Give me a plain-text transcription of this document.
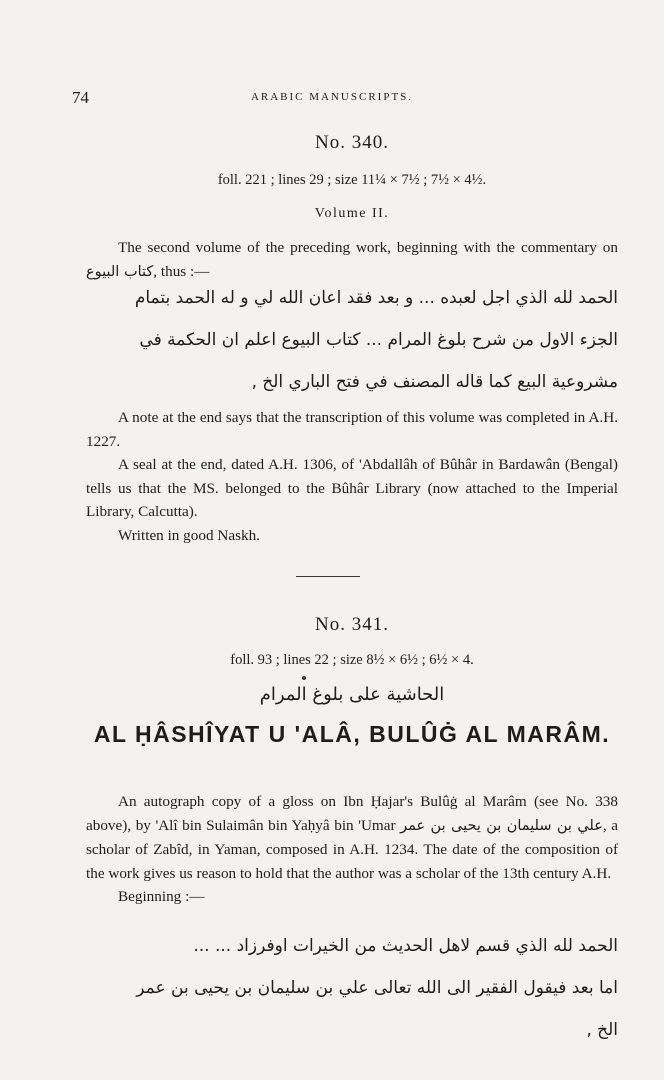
74	ARABIC MANUSCRIPTS.
No. 340.
foll. 221 ; lines 29 ; size 11¼ × 7½ ; 7½ × 4½.
Volume II.

The second volume of the preceding work, beginning with the commentary on كتاب البيوع, thus :—

الحمد لله الذي اجل لعبده ... و بعد فقد اعان الله لي و له الحمد بتمام
الجزء الاول من شرح بلوغ المرام ... كتاب البيوع اعلم ان الحكمة في
مشروعية البيع كما قاله المصنف في فتح الباري الخ ‚

A note at the end says that the transcription of this volume was completed in A.H. 1227.

A seal at the end, dated A.H. 1306, of 'Abdallâh of Bûhâr in Bardawân (Bengal) tells us that the MS. belonged to the Bûhâr Library (now attached to the Imperial Library, Calcutta).

Written in good Naskh.

No. 341.
foll. 93 ; lines 22 ; size 8½ × 6½ ; 6½ × 4.
الحاشية على بلوغ المرام
AL ḤÂSHÎYAT U 'ALÂ, BULÛĠ AL MARÂM.

An autograph copy of a gloss on Ibn Ḥajar's Bulûġ al Marâm (see No. 338 above), by 'Alî bin Sulaimân bin Yaḥyâ bin 'Umar علي بن سليمان بن يحيى بن عمر, a scholar of Zabîd, in Yaman, composed in A.H. 1234. The date of the composition of the work gives us reason to hold that the author was a scholar of the 13th century A.H.

Beginning :—

الحمد لله الذي قسم لاهل الحديث من الخيرات اوفرزاد ... ...
اما بعد فيقول الفقير الى الله تعالى علي بن سليمان بن يحيى بن عمر
الخ ‚
